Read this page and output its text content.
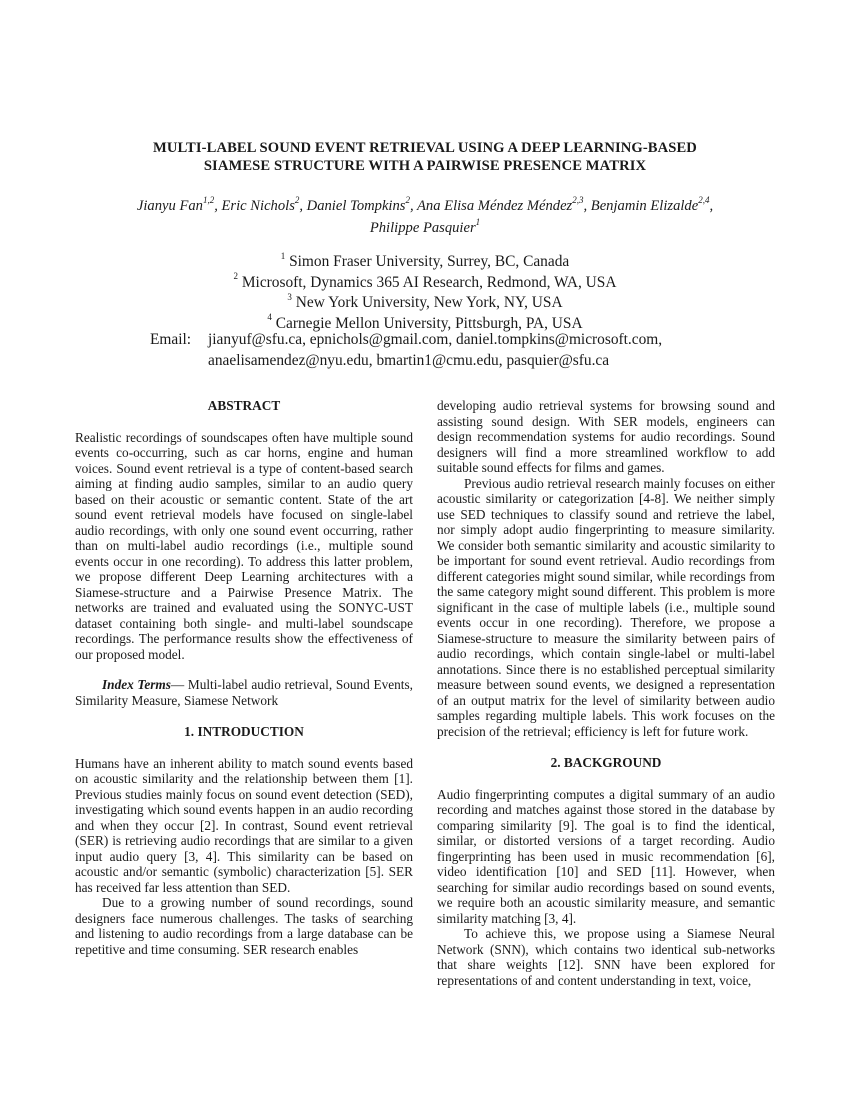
MULTI-LABEL SOUND EVENT RETRIEVAL USING A DEEP LEARNING-BASED
SIAMESE STRUCTURE WITH A PAIRWISE PRESENCE MATRIX
Jianyu Fan$^{1,2}$, Eric Nichols$^2$, Daniel Tompkins$^2$, Ana Elisa Méndez Méndez$^{2,3}$, Benjamin Elizalde$^{2,4}$,
Philippe Pasquier$^1$
$^1$ Simon Fraser University, Surrey, BC, Canada
$^2$ Microsoft, Dynamics 365 AI Research, Redmond, WA, USA
$^3$ New York University, New York, NY, USA
$^4$ Carnegie Mellon University, Pittsburgh, PA, USA
Email: jianyuf@sfu.ca, epnichols@gmail.com, daniel.tompkins@microsoft.com,
anaelisamendez@nyu.edu, bmartin1@cmu.edu, pasquier@sfu.ca
ABSTRACT

Realistic recordings of soundscapes often have multiple sound events co-occurring, such as car horns, engine and human voices. Sound event retrieval is a type of content-based search aiming at finding audio samples, similar to an audio query based on their acoustic or semantic content. State of the art sound event retrieval models have focused on single-label audio recordings, with only one sound event occurring, rather than on multi-label audio recordings (i.e., multiple sound events occur in one recording). To address this latter problem, we propose different Deep Learning architectures with a Siamese-structure and a Pairwise Presence Matrix. The networks are trained and evaluated using the SONYC-UST dataset containing both single- and multi-label soundscape recordings. The performance results show the effectiveness of our proposed model.

Index Terms— Multi-label audio retrieval, Sound Events, Similarity Measure, Siamese Network

1. INTRODUCTION

Humans have an inherent ability to match sound events based on acoustic similarity and the relationship between them [1]. Previous studies mainly focus on sound event detection (SED), investigating which sound events happen in an audio recording and when they occur [2]. In contrast, Sound event retrieval (SER) is retrieving audio recordings that are similar to a given input audio query [3, 4]. This similarity can be based on acoustic and/or semantic (symbolic) characterization [5]. SER has received far less attention than SED.

Due to a growing number of sound recordings, sound designers face numerous challenges. The tasks of searching and listening to audio recordings from a large database can be repetitive and time consuming. SER research enables

developing audio retrieval systems for browsing sound and assisting sound design. With SER models, engineers can design recommendation systems for audio recordings. Sound designers will find a more streamlined workflow to add suitable sound effects for films and games.

Previous audio retrieval research mainly focuses on either acoustic similarity or categorization [4-8]. We neither simply use SED techniques to classify sound and retrieve the label, nor simply adopt audio fingerprinting to measure similarity. We consider both semantic similarity and acoustic similarity to be important for sound event retrieval. Audio recordings from different categories might sound similar, while recordings from the same category might sound different. This problem is more significant in the case of multiple labels (i.e., multiple sound events occur in one recording). Therefore, we propose a Siamese-structure to measure the similarity between pairs of audio recordings, which contain single-label or multi-label annotations. Since there is no established perceptual similarity measure between sound events, we designed a representation of an output matrix for the level of similarity between audio samples regarding multiple labels. This work focuses on the precision of the retrieval; efficiency is left for future work.

2. BACKGROUND

Audio fingerprinting computes a digital summary of an audio recording and matches against those stored in the database by comparing similarity [9]. The goal is to find the identical, similar, or distorted versions of a target recording. Audio fingerprinting has been used in music recommendation [6], video identification [10] and SED [11]. However, when searching for similar audio recordings based on sound events, we require both an acoustic similarity measure, and semantic similarity matching [3, 4].

To achieve this, we propose using a Siamese Neural Network (SNN), which contains two identical sub-networks that share weights [12]. SNN have been explored for representations of and content understanding in text, voice,
